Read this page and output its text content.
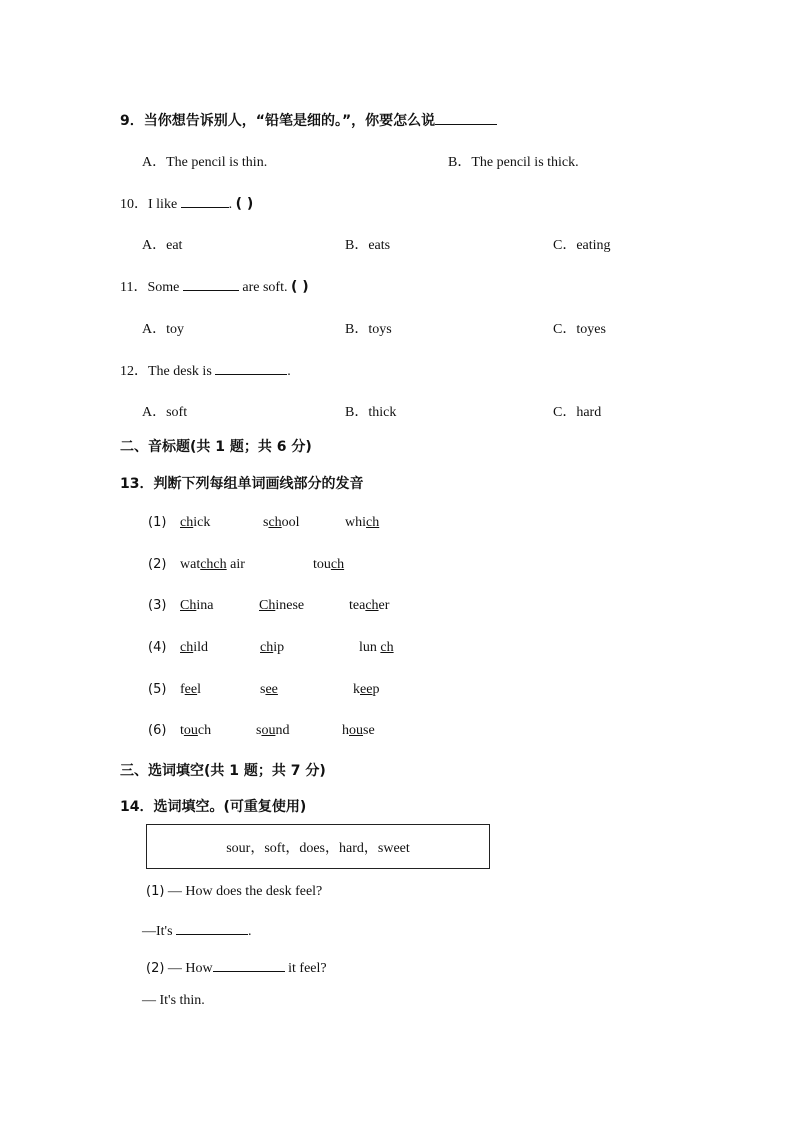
9．当你想告诉别人，“铅笔是细的。”，你要怎么说
A．The pencil is thin.	B．The pencil is thick.
10．I like	. ( )
A．eat	B．eats	C．eating
11．Some	are soft. ( )
A．toy	B．toys	C．toyes
12．The desk is	.
A．soft	B．thick	C．hard
二、音标题(共 1 题；共 6 分)
13．判断下列每组单词画线部分的发音
(1) chick	school	which
(2) watchch air	touch
(3) China	Chinese	teacher
(4) child	chip	lun ch
(5) feel	see	keep
(6) touch	sound	house
三、选词填空(共 1 题；共 7 分)
14．选词填空。(可重复使用)
sour，soft，does，hard，sweet
(1) — How does the desk feel?
—It's	.
(2) — How	it feel?
— It's thin.
